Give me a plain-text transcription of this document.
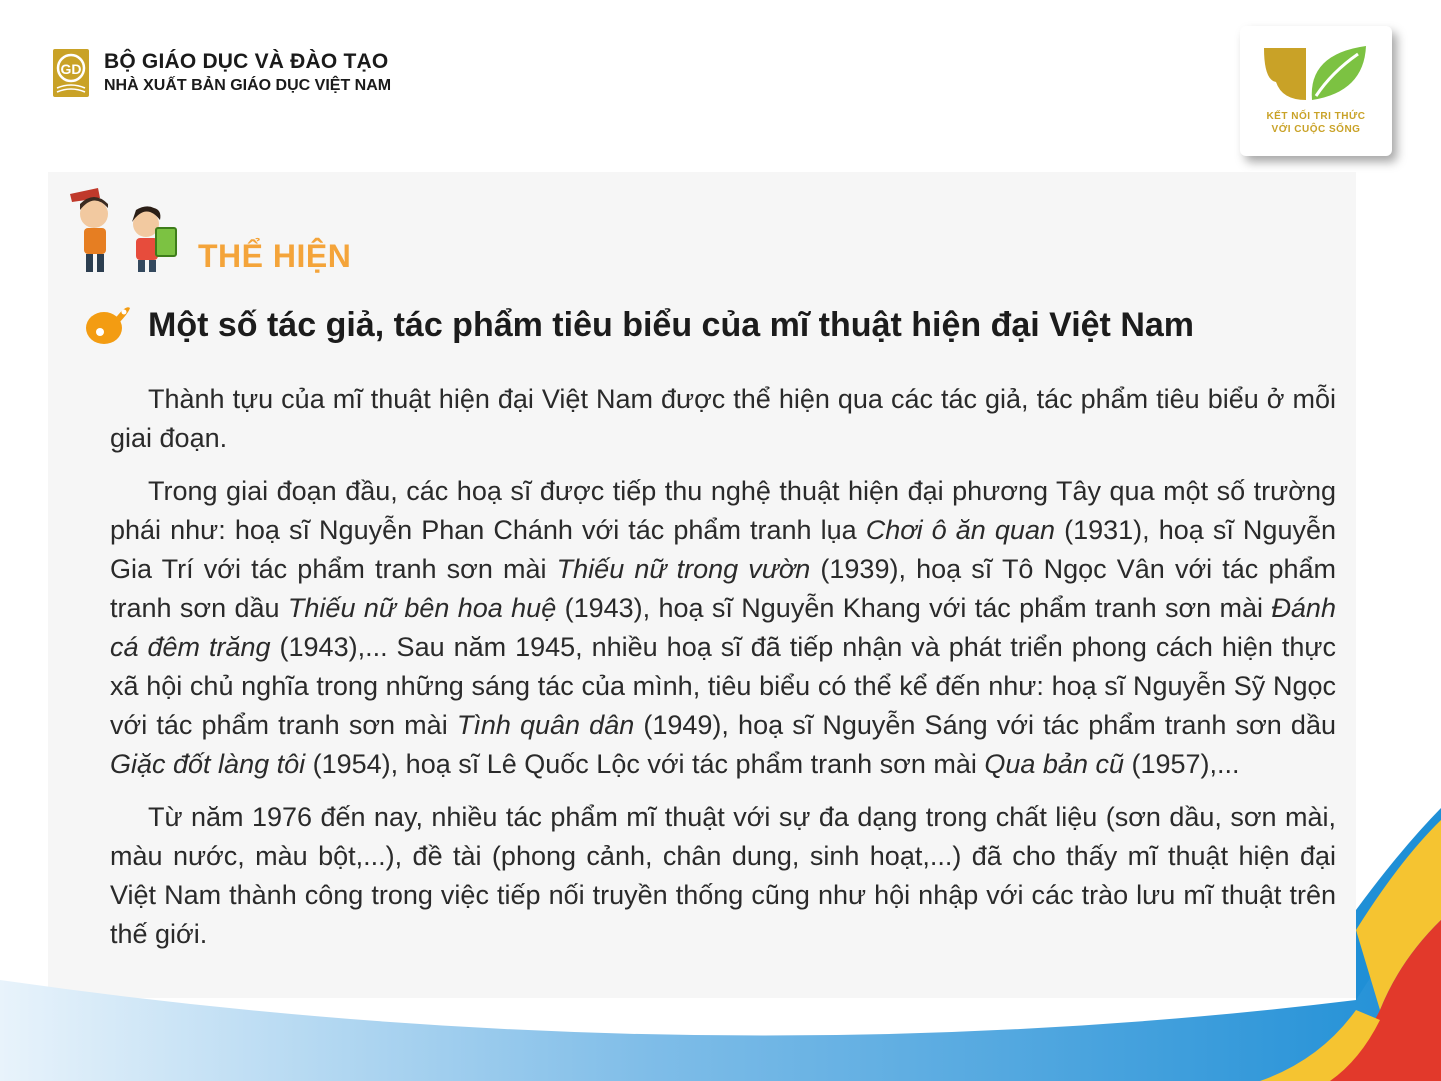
GD BỘ GIÁO DỤC VÀ ĐÀO TẠO
NHÀ XUẤT BẢN GIÁO DỤC VIỆT NAM
KẾT NỐI TRI THỨC
VỚI CUỘC SỐNG
THỂ HIỆN
Một số tác giả, tác phẩm tiêu biểu của mĩ thuật hiện đại Việt Nam

Thành tựu của mĩ thuật hiện đại Việt Nam được thể hiện qua các tác giả, tác phẩm tiêu biểu ở mỗi giai đoạn.

Trong giai đoạn đầu, các hoạ sĩ được tiếp thu nghệ thuật hiện đại phương Tây qua một số trường phái như: hoạ sĩ Nguyễn Phan Chánh với tác phẩm tranh lụa Chơi ô ăn quan (1931), hoạ sĩ Nguyễn Gia Trí với tác phẩm tranh sơn mài Thiếu nữ trong vườn (1939), hoạ sĩ Tô Ngọc Vân với tác phẩm tranh sơn dầu Thiếu nữ bên hoa huệ (1943), hoạ sĩ Nguyễn Khang với tác phẩm tranh sơn mài Đánh cá đêm trăng (1943),... Sau năm 1945, nhiều hoạ sĩ đã tiếp nhận và phát triển phong cách hiện thực xã hội chủ nghĩa trong những sáng tác của mình, tiêu biểu có thể kể đến như: hoạ sĩ Nguyễn Sỹ Ngọc với tác phẩm tranh sơn mài Tình quân dân (1949), hoạ sĩ Nguyễn Sáng với tác phẩm tranh sơn dầu Giặc đốt làng tôi (1954), hoạ sĩ Lê Quốc Lộc với tác phẩm tranh sơn mài Qua bản cũ (1957),...

Từ năm 1976 đến nay, nhiều tác phẩm mĩ thuật với sự đa dạng trong chất liệu (sơn dầu, sơn mài, màu nước, màu bột,...), đề tài (phong cảnh, chân dung, sinh hoạt,...) đã cho thấy mĩ thuật hiện đại Việt Nam thành công trong việc tiếp nối truyền thống cũng như hội nhập với các trào lưu mĩ thuật trên thế giới.
